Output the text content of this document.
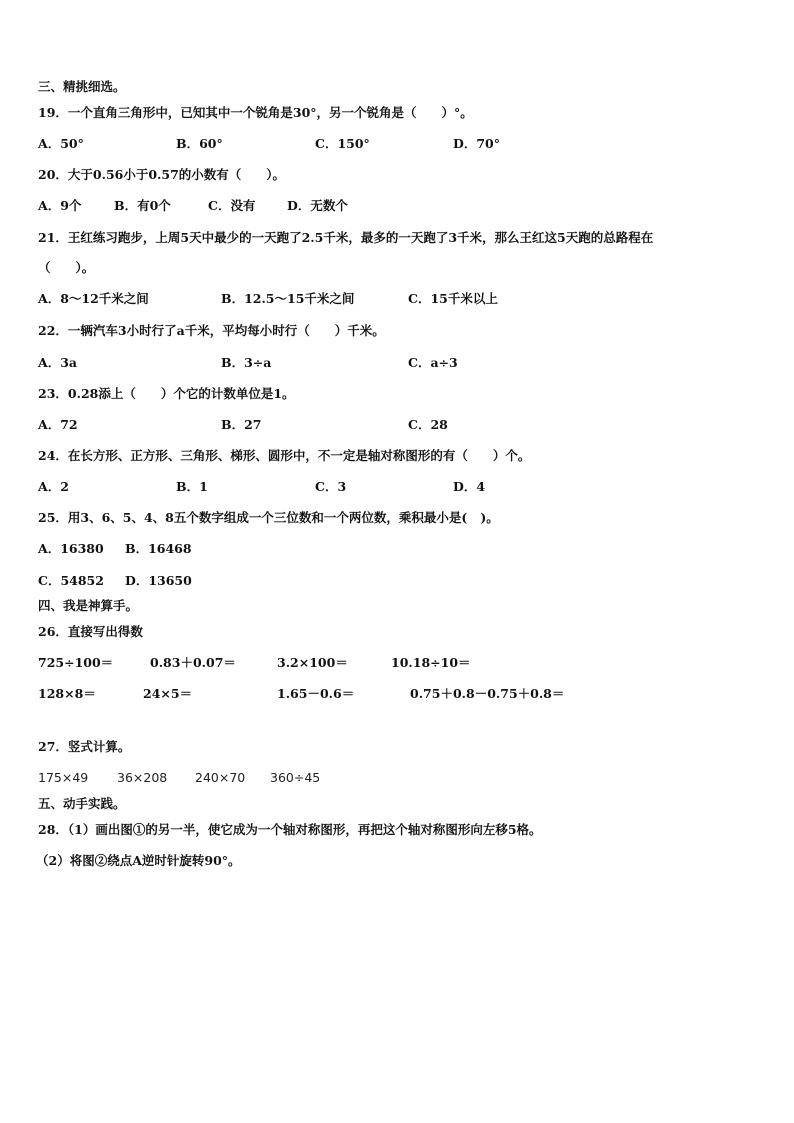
三、精挑细选。
19．一个直角三角形中，已知其中一个锐角是30°，另一个锐角是（　　）°。
A．50°	B．60°	C．150°	D．70°
20．大于0.56小于0.57的小数有（　　）。
A．9个	B．有0个	C．没有	D．无数个
21．王红练习跑步，上周5天中最少的一天跑了2.5千米，最多的一天跑了3千米，那么王红这5天跑的总路程在
（　　）。
A．8～12千米之间	B．12.5～15千米之间	C．15千米以上
22．一辆汽车3小时行了a千米，平均每小时行（　　）千米。
A．3a	B．3÷a	C．a÷3
23．0.28添上（　　）个它的计数单位是1。
A．72	B．27	C．28
24．在长方形、正方形、三角形、梯形、圆形中，不一定是轴对称图形的有（　　）个。
A．2	B．1	C．3	D．4
25．用3、6、5、4、8五个数字组成一个三位数和一个两位数，乘积最小是(   )。
A．16380 B．16468
C．54852 D．13650
四、我是神算手。
26．直接写出得数
725÷100＝	0.83＋0.07＝	3.2×100＝	10.18÷10＝
128×8＝	24×5＝	1.65－0.6＝	0.75＋0.8－0.75＋0.8＝
27．竖式计算。
175×49 36×208 240×70 360÷45
五、动手实践。
28．（1）画出图①的另一半，使它成为一个轴对称图形，再把这个轴对称图形向左移5格。
（2）将图②绕点A逆时针旋转90°。
